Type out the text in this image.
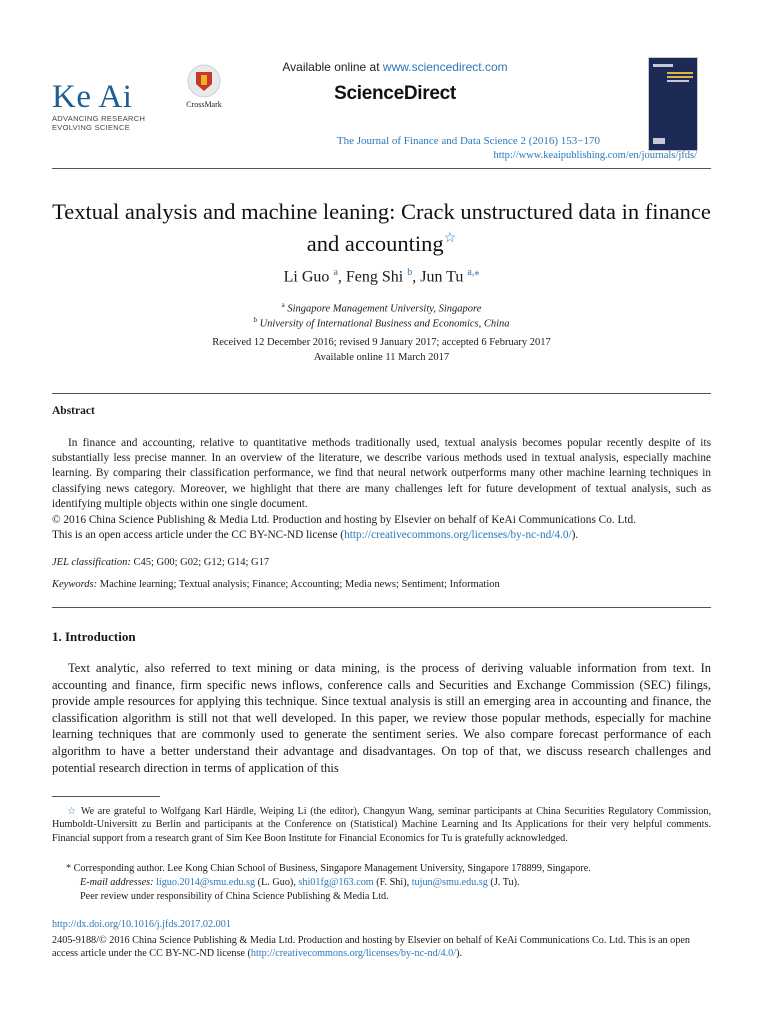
Ke Ai
ADVANCING RESEARCH
EVOLVING SCIENCE
CrossMark
Available online at www.sciencedirect.com
ScienceDirect
The Journal of Finance and Data Science 2 (2016) 153−170
http://www.keaipublishing.com/en/journals/jfds/
Textual analysis and machine leaning: Crack unstructured data in finance and accounting☆
Li Guo $^a$, Feng Shi $^b$, Jun Tu $^{a,⁎}$
$^a$ Singapore Management University, Singapore
$^b$ University of International Business and Economics, China
Received 12 December 2016; revised 9 January 2017; accepted 6 February 2017
Available online 11 March 2017
Abstract
In finance and accounting, relative to quantitative methods traditionally used, textual analysis becomes popular recently despite of its substantially less precise manner. In an overview of the literature, we describe various methods used in textual analysis, especially machine learning. By comparing their classification performance, we find that neural network outperforms many other machine learning techniques in classifying news category. Moreover, we highlight that there are many challenges left for future development of textual analysis, such as identifying multiple objects within one single document.
© 2016 China Science Publishing & Media Ltd. Production and hosting by Elsevier on behalf of KeAi Communications Co. Ltd.
This is an open access article under the CC BY-NC-ND license (http://creativecommons.org/licenses/by-nc-nd/4.0/).
JEL classification: C45; G00; G02; G12; G14; G17
Keywords: Machine learning; Textual analysis; Finance; Accounting; Media news; Sentiment; Information
1. Introduction
Text analytic, also referred to text mining or data mining, is the process of deriving valuable information from text. In accounting and finance, firm specific news inflows, conference calls and Securities and Exchange Commission (SEC) filings, provide ample resources for applying this technique. Since textual analysis is still an emerging area in accounting and finance, the classification algorithm is still not that well developed. In this paper, we review those popular methods, especially for machine learning techniques that are commonly used to generate the sentiment series. We also compare forecast performance of each algorithm to have a better understand their advantage and disadvantages. On top of that, we discuss research challenges and potential research direction in terms of application of this
☆ We are grateful to Wolfgang Karl Härdle, Weiping Li (the editor), Changyun Wang, seminar participants at China Securities Regulatory Commission, Humboldt-Universitt zu Berlin and participants at the Conference on (Statistical) Machine Learning and Its Applications for their very helpful comments. Financial support from a research grant of Sim Kee Boon Institute for Financial Economics for Tu is gratefully acknowledged.
* Corresponding author. Lee Kong Chian School of Business, Singapore Management University, Singapore 178899, Singapore.
E-mail addresses: liguo.2014@smu.edu.sg (L. Guo), shi01fg@163.com (F. Shi), tujun@smu.edu.sg (J. Tu).
Peer review under responsibility of China Science Publishing & Media Ltd.
http://dx.doi.org/10.1016/j.jfds.2017.02.001
2405-9188/© 2016 China Science Publishing & Media Ltd. Production and hosting by Elsevier on behalf of KeAi Communications Co. Ltd. This is an open access article under the CC BY-NC-ND license (http://creativecommons.org/licenses/by-nc-nd/4.0/).
